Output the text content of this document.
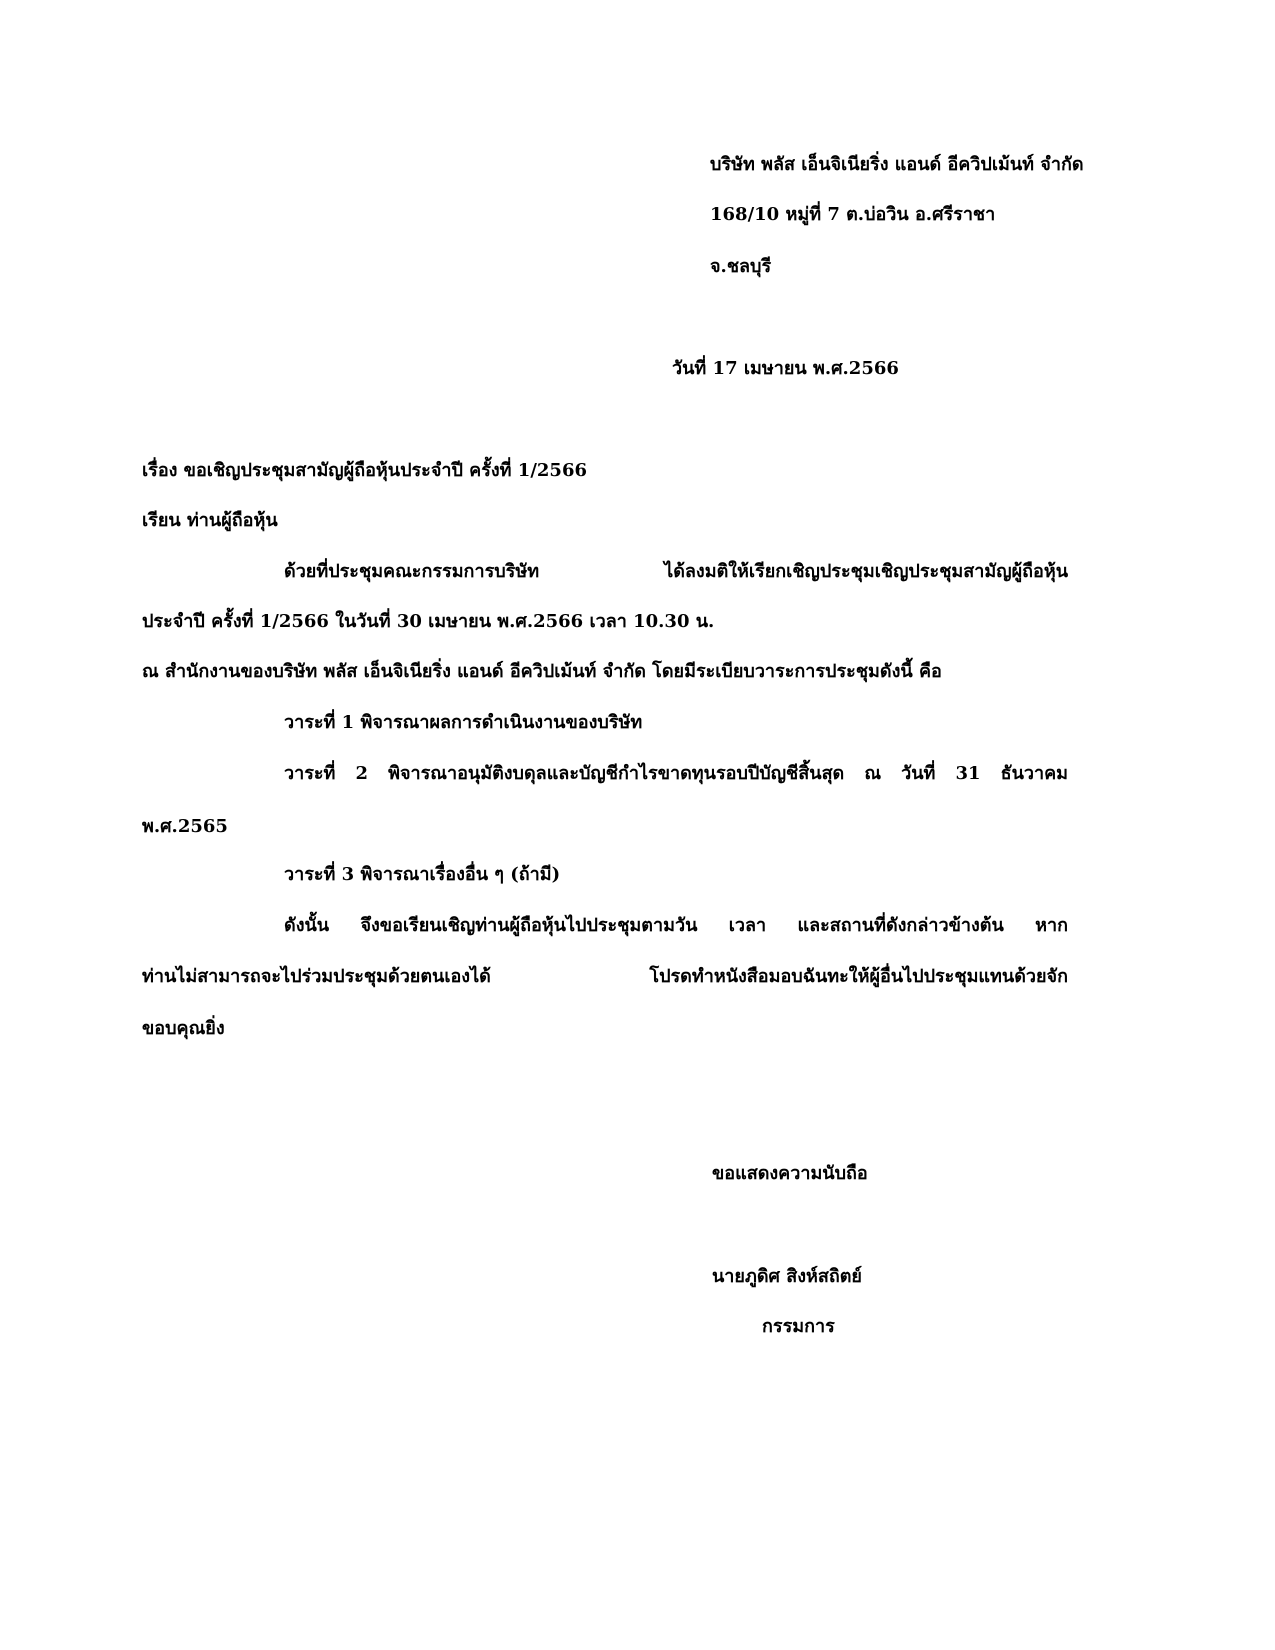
บริษัท พลัส เอ็นจิเนียริ่ง แอนด์ อีควิปเม้นท์ จำกัด

168/10 หมู่ที่ 7 ต.บ่อวิน อ.ศรีราชา

จ.ชลบุรี

วันที่ 17 เมษายน พ.ศ.2566

เรื่อง ขอเชิญประชุมสามัญผู้ถือหุ้นประจำปี ครั้งที่ 1/2566

เรียน ท่านผู้ถือหุ้น

ด้วยที่ประชุมคณะกรรมการบริษัท ได้ลงมติให้เรียกเชิญประชุมเชิญประชุมสามัญผู้ถือหุ้น

ประจำปี ครั้งที่ 1/2566 ในวันที่ 30 เมษายน พ.ศ.2566 เวลา 10.30 น.

ณ สำนักงานของบริษัท พลัส เอ็นจิเนียริ่ง แอนด์ อีควิปเม้นท์ จำกัด โดยมีระเบียบวาระการประชุมดังนี้ คือ

วาระที่ 1 พิจารณาผลการดำเนินงานของบริษัท

วาระที่ 2 พิจารณาอนุมัติงบดุลและบัญชีกำไรขาดทุนรอบปีบัญชีสิ้นสุด ณ วันที่ 31 ธันวาคม

พ.ศ.2565

วาระที่ 3 พิจารณาเรื่องอื่น ๆ (ถ้ามี)

ดังนั้น จึงขอเรียนเชิญท่านผู้ถือหุ้นไปประชุมตามวัน เวลา และสถานที่ดังกล่าวข้างต้น หาก

ท่านไม่สามารถจะไปร่วมประชุมด้วยตนเองได้ โปรดทำหนังสือมอบฉันทะให้ผู้อื่นไปประชุมแทนด้วยจัก

ขอบคุณยิ่ง

ขอแสดงความนับถือ

นายภูดิศ สิงห์สถิตย์

กรรมการ
